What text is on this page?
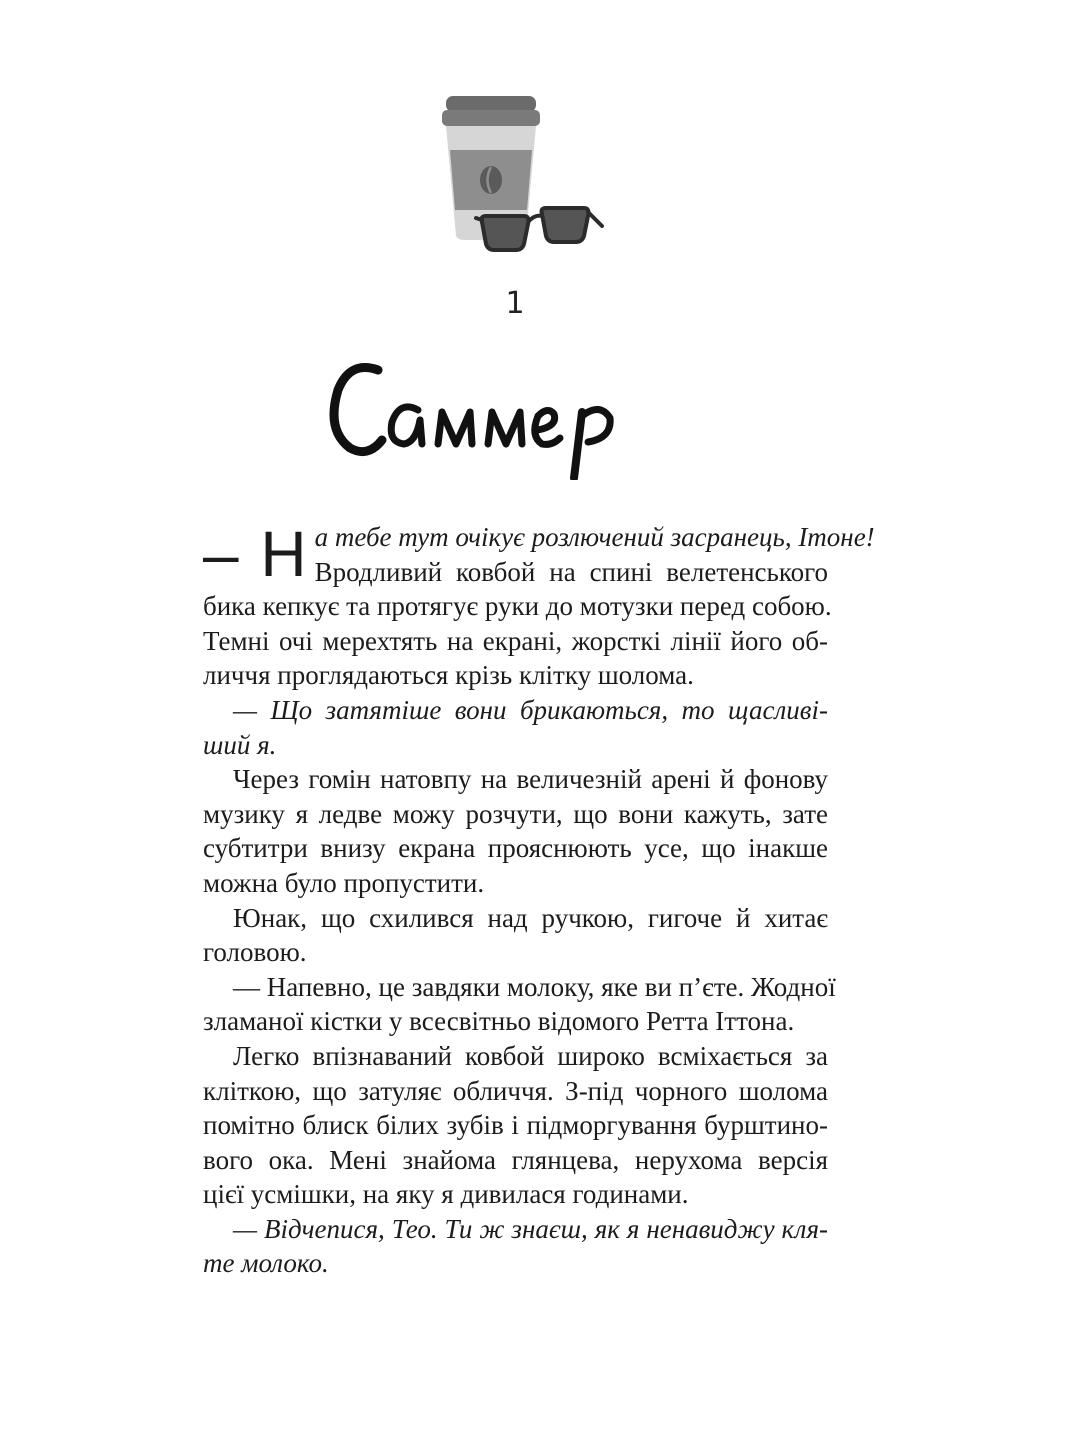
1
– Н а тебе тут очікує розлючений засранець, Ітоне!
Вродливий ковбой на спині велетенського
бика кепкує та протягує руки до мотузки перед собою.
Темні очі мерехтять на екрані, жорсткі лінії його об-
личчя проглядаються крізь клітку шолома.
— Що затятіше вони брикаються, то щасливі-
ший я.
Через гомін натовпу на величезній арені й фонову
музику я ледве можу розчути, що вони кажуть, зате
субтитри внизу екрана прояснюють усе, що інакше
можна було пропустити.
Юнак, що схилився над ручкою, гигоче й хитає
головою.
— Напевно, це завдяки молоку, яке ви п’єте. Жодної
зламаної кістки у всесвітньо відомого Ретта Іттона.
Легко впізнаваний ковбой широко всміхається за
кліткою, що затуляє обличчя. З-під чорного шолома
помітно блиск білих зубів і підморгування бурштино-
вого ока. Мені знайома глянцева, нерухома версія
цієї усмішки, на яку я дивилася годинами.
— Відчепися, Тео. Ти ж знаєш, як я ненавиджу кля-
те молоко.
